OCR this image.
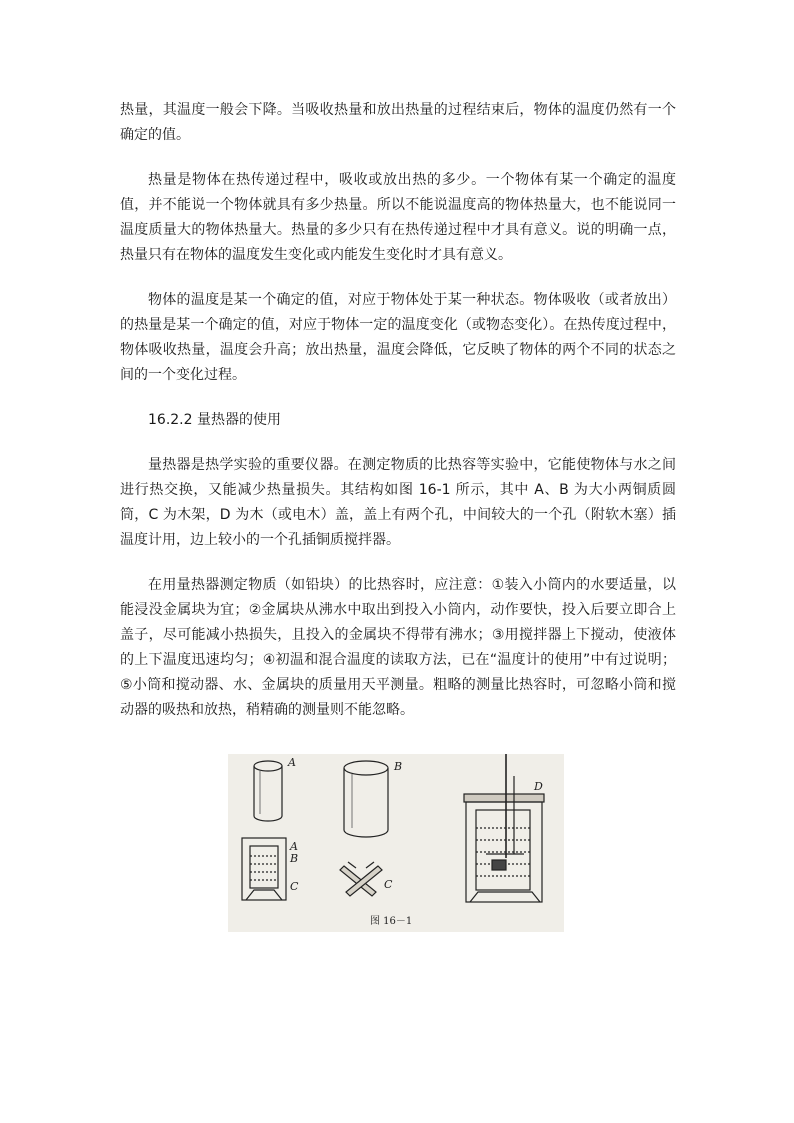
热量，其温度一般会下降。当吸收热量和放出热量的过程结束后，物体的温度仍然有一个确定的值。

热量是物体在热传递过程中，吸收或放出热的多少。一个物体有某一个确定的温度值，并不能说一个物体就具有多少热量。所以不能说温度高的物体热量大，也不能说同一温度质量大的物体热量大。热量的多少只有在热传递过程中才具有意义。说的明确一点，热量只有在物体的温度发生变化或内能发生变化时才具有意义。

物体的温度是某一个确定的值，对应于物体处于某一种状态。物体吸收（或者放出）的热量是某一个确定的值，对应于物体一定的温度变化（或物态变化）。在热传度过程中，物体吸收热量，温度会升高；放出热量，温度会降低，它反映了物体的两个不同的状态之间的一个变化过程。

16.2.2 量热器的使用

量热器是热学实验的重要仪器。在测定物质的比热容等实验中，它能使物体与水之间进行热交换，又能减少热量损失。其结构如图 16-1 所示，其中 A、B 为大小两铜质圆筒，C 为木架，D 为木（或电木）盖，盖上有两个孔，中间较大的一个孔（附软木塞）插温度计用，边上较小的一个孔插铜质搅拌器。

在用量热器测定物质（如铅块）的比热容时，应注意：①装入小筒内的水要适量，以能浸没金属块为宜；②金属块从沸水中取出到投入小筒内，动作要快，投入后要立即合上盖子，尽可能减小热损失，且投入的金属块不得带有沸水；③用搅拌器上下搅动，使液体的上下温度迅速均匀；④初温和混合温度的读取方法，已在“温度计的使用”中有过说明；⑤小筒和搅动器、水、金属块的质量用天平测量。粗略的测量比热容时，可忽略小筒和搅动器的吸热和放热，稍精确的测量则不能忽略。

A	B
A
B
C	C
D
图 16－1
